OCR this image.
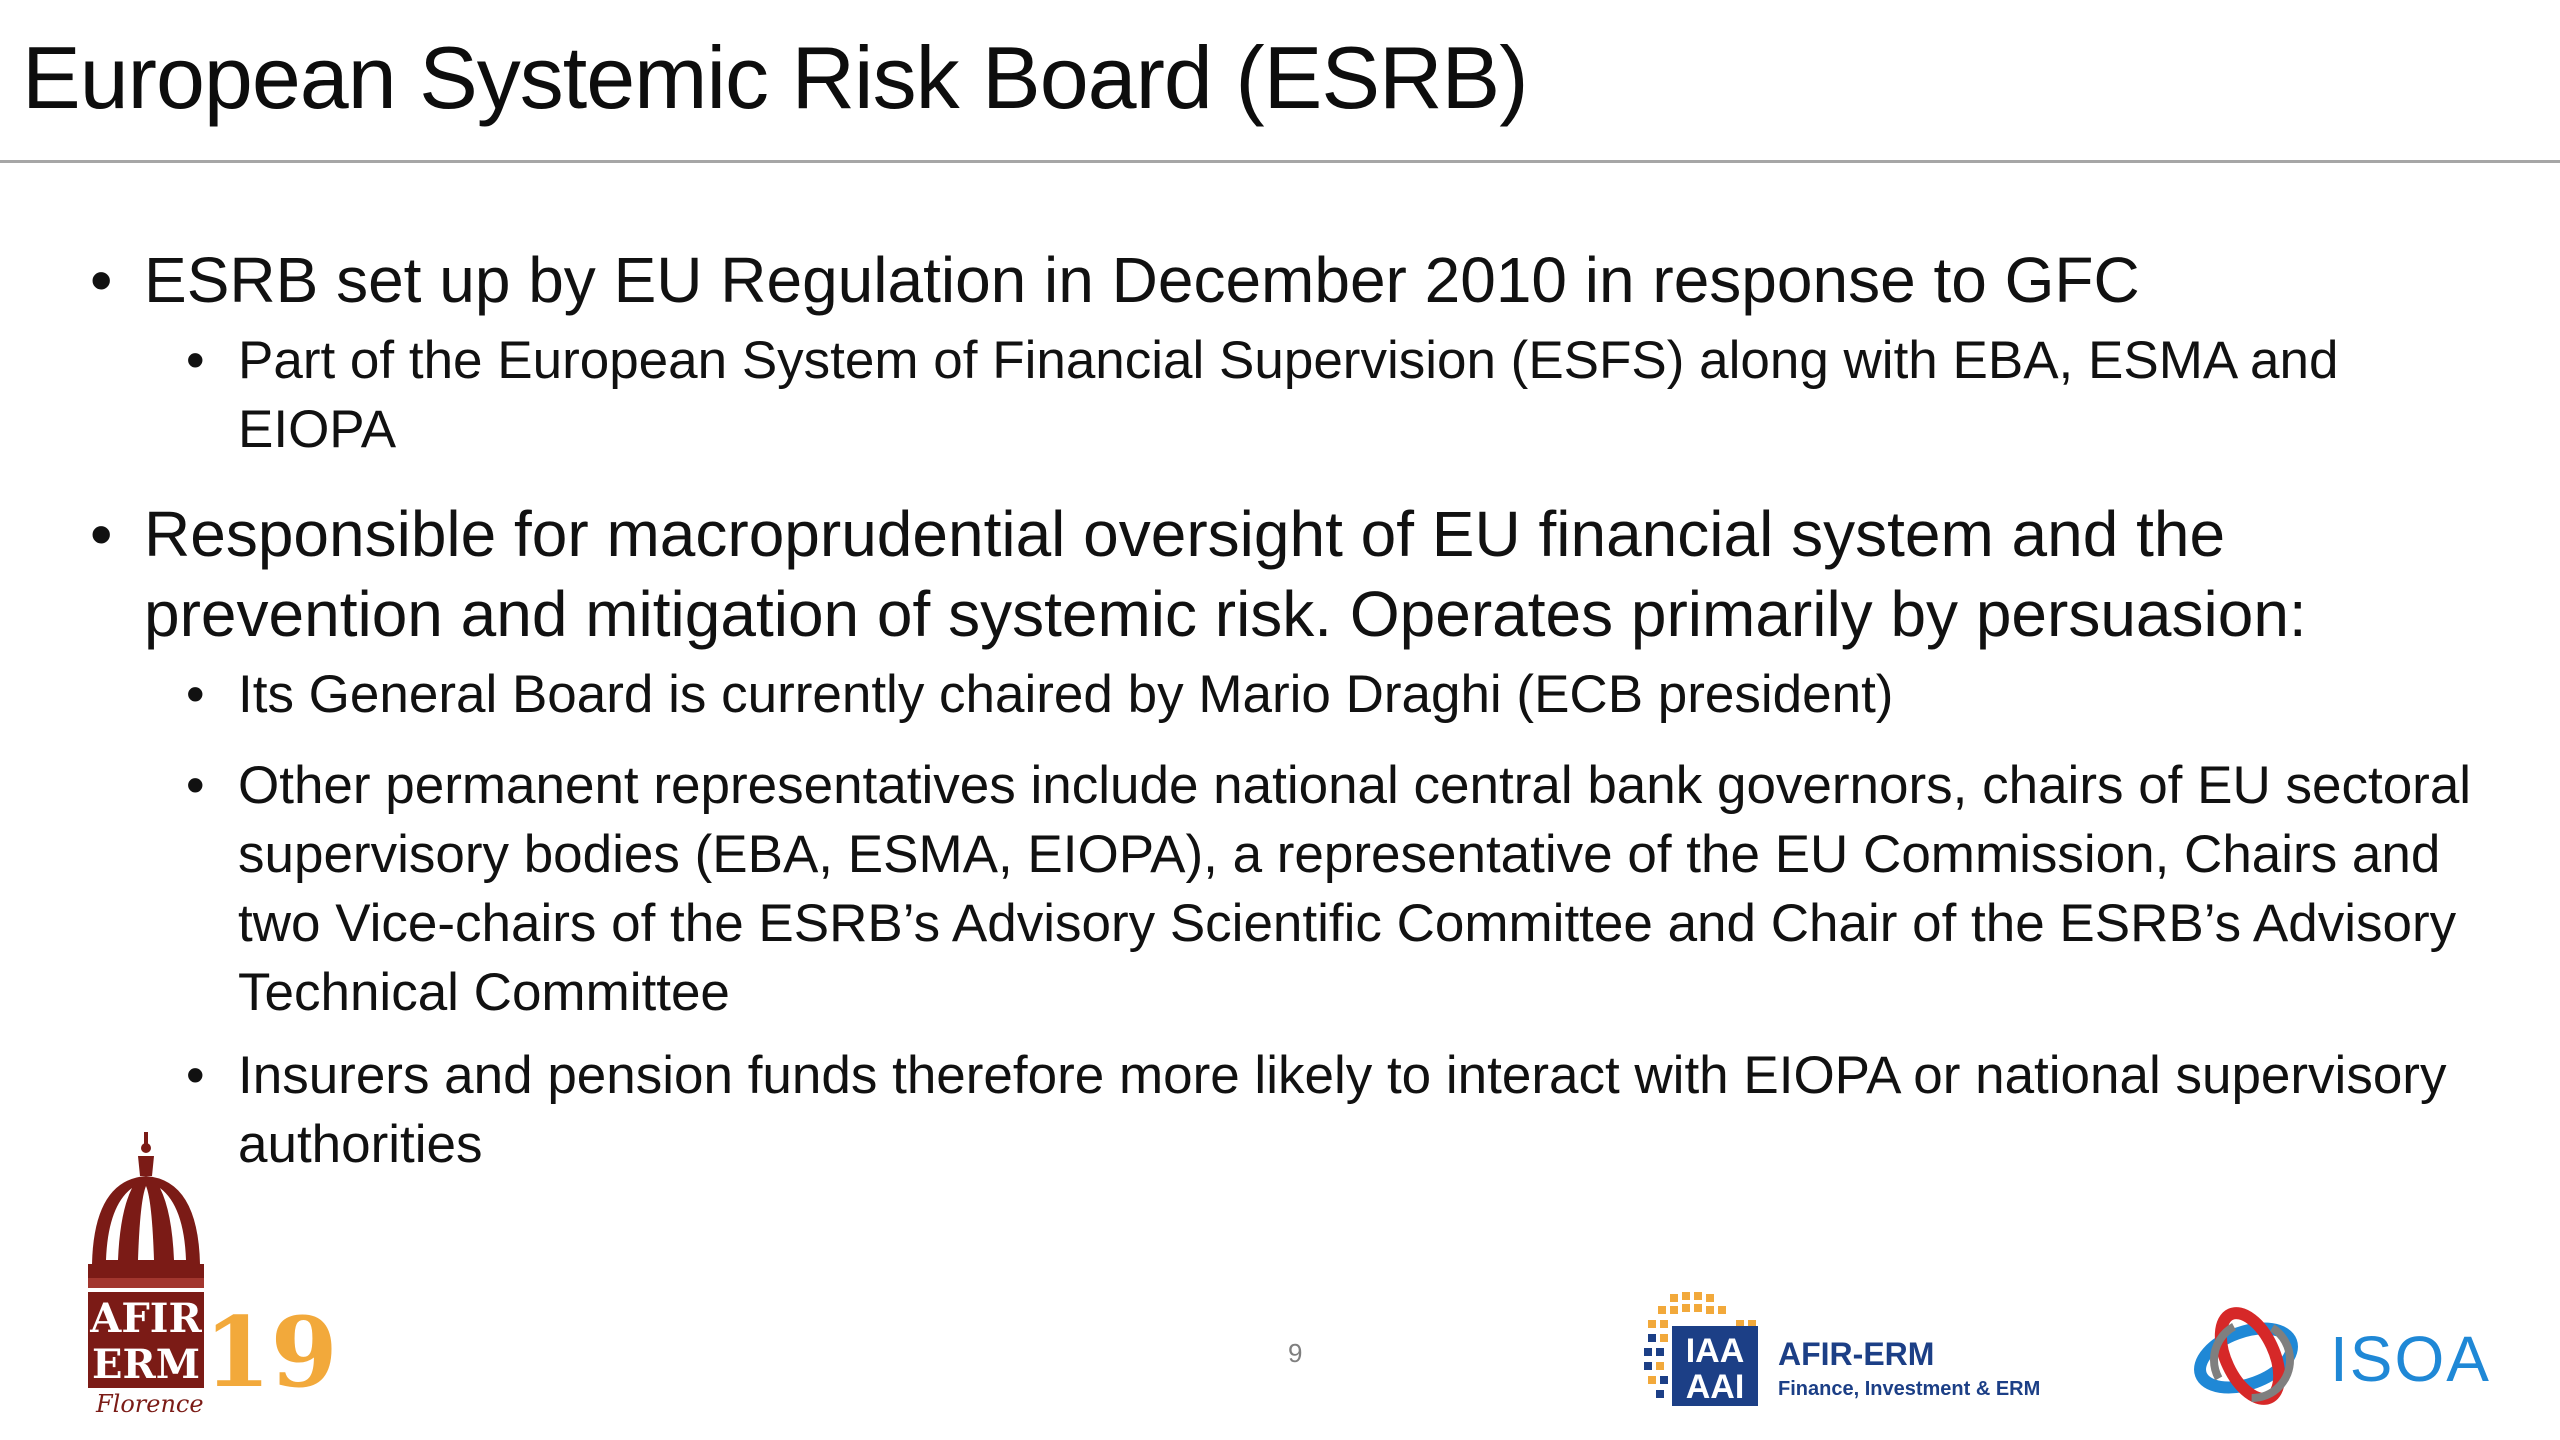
European Systemic Risk Board (ESRB)
• ESRB set up by EU Regulation in December 2010 in response to GFC
• Part of the European System of Financial Supervision (ESFS) along with EBA, ESMA and EIOPA
• Responsible for macroprudential oversight of EU financial system and the prevention and mitigation of systemic risk. Operates primarily by persuasion:
• Its General Board is currently chaired by Mario Draghi (ECB president)
• Other permanent representatives include national central bank governors, chairs of EU sectoral supervisory bodies (EBA, ESMA, EIOPA), a representative of the EU Commission, Chairs and two Vice-chairs of the ESRB’s Advisory Scientific Committee and Chair of the ESRB’s Advisory Technical Committee
• Insurers and pension funds therefore more likely to interact with EIOPA or national supervisory authorities
AFIR
ERM 19
Florence
9	IAA
AAI
AFIR-ERM
Finance, Investment & ERM	ISOA
